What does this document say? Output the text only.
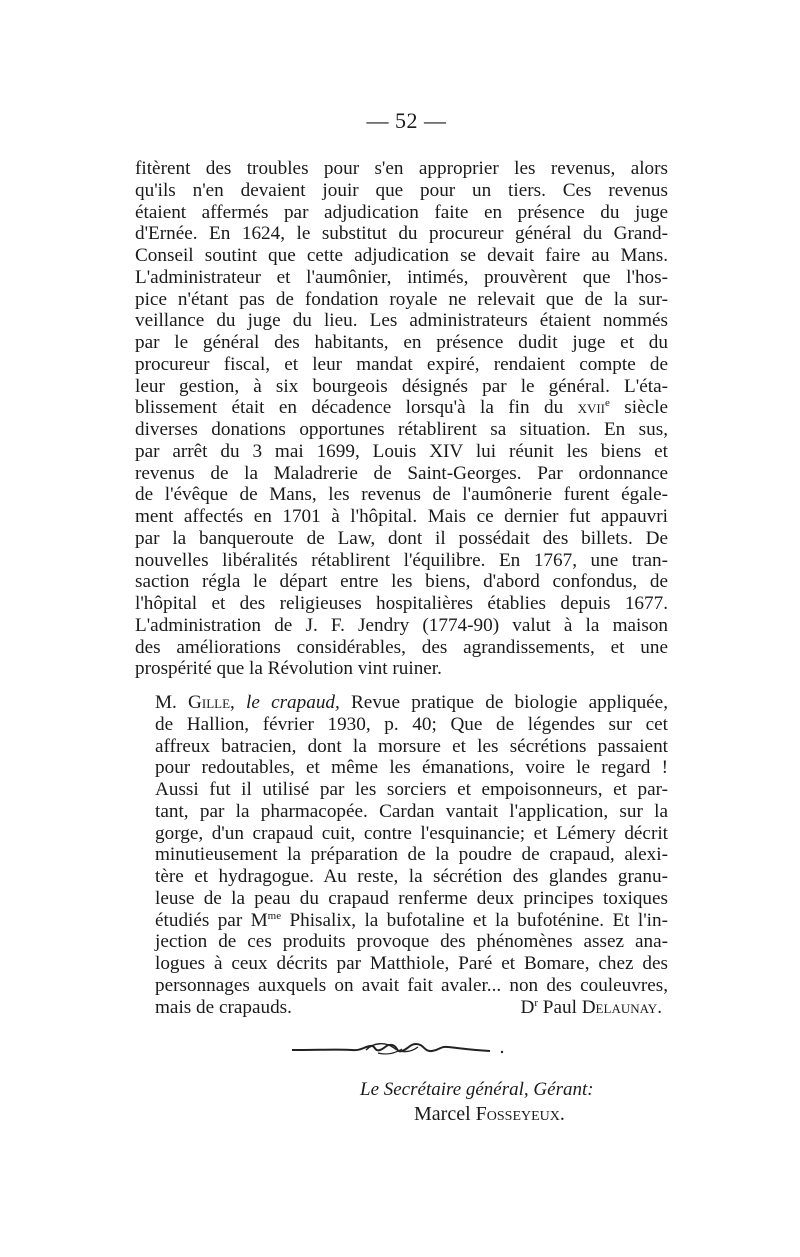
— 52 —

fitèrent des troubles pour s'en approprier les revenus, alors
qu'ils n'en devaient jouir que pour un tiers. Ces revenus
étaient affermés par adjudication faite en présence du juge
d'Ernée. En 1624, le substitut du procureur général du Grand-
Conseil soutint que cette adjudication se devait faire au Mans.
L'administrateur et l'aumônier, intimés, prouvèrent que l'hos-
pice n'étant pas de fondation royale ne relevait que de la sur-
veillance du juge du lieu. Les administrateurs étaient nommés
par le général des habitants, en présence dudit juge et du
procureur fiscal, et leur mandat expiré, rendaient compte de
leur gestion, à six bourgeois désignés par le général. L'éta-
blissement était en décadence lorsqu'à la fin du xvii$^e$ siècle
diverses donations opportunes rétablirent sa situation. En sus,
par arrêt du 3 mai 1699, Louis XIV lui réunit les biens et
revenus de la Maladrerie de Saint-Georges. Par ordonnance
de l'évêque de Mans, les revenus de l'aumônerie furent égale-
ment affectés en 1701 à l'hôpital. Mais ce dernier fut appauvri
par la banqueroute de Law, dont il possédait des billets. De
nouvelles libéralités rétablirent l'équilibre. En 1767, une tran-
saction régla le départ entre les biens, d'abord confondus, de
l'hôpital et des religieuses hospitalières établies depuis 1677.
L'administration de J. F. Jendry (1774-90) valut à la maison
des améliorations considérables, des agrandissements, et une
prospérité que la Révolution vint ruiner.

M. Gille, le crapaud, Revue pratique de biologie appliquée,
de Hallion, février 1930, p. 40; Que de légendes sur cet
affreux batracien, dont la morsure et les sécrétions passaient
pour redoutables, et même les émanations, voire le regard !
Aussi fut il utilisé par les sorciers et empoisonneurs, et par-
tant, par la pharmacopée. Cardan vantait l'application, sur la
gorge, d'un crapaud cuit, contre l'esquinancie; et Lémery décrit
minutieusement la préparation de la poudre de crapaud, alexi-
tère et hydragogue. Au reste, la sécrétion des glandes granu-
leuse de la peau du crapaud renferme deux principes toxiques
étudiés par $M^{me}$ Phisalix, la bufotaline et la bufoténine. Et l'in-
jection de ces produits provoque des phénomènes assez ana-
logues à ceux décrits par Matthiole, Paré et Bomare, chez des
personnages auxquels on avait fait avaler... non des couleuvres,
mais de crapauds.	$D^r$ Paul Delaunay.

Le Secrétaire général, Gérant:
Marcel Fosseyeux.
